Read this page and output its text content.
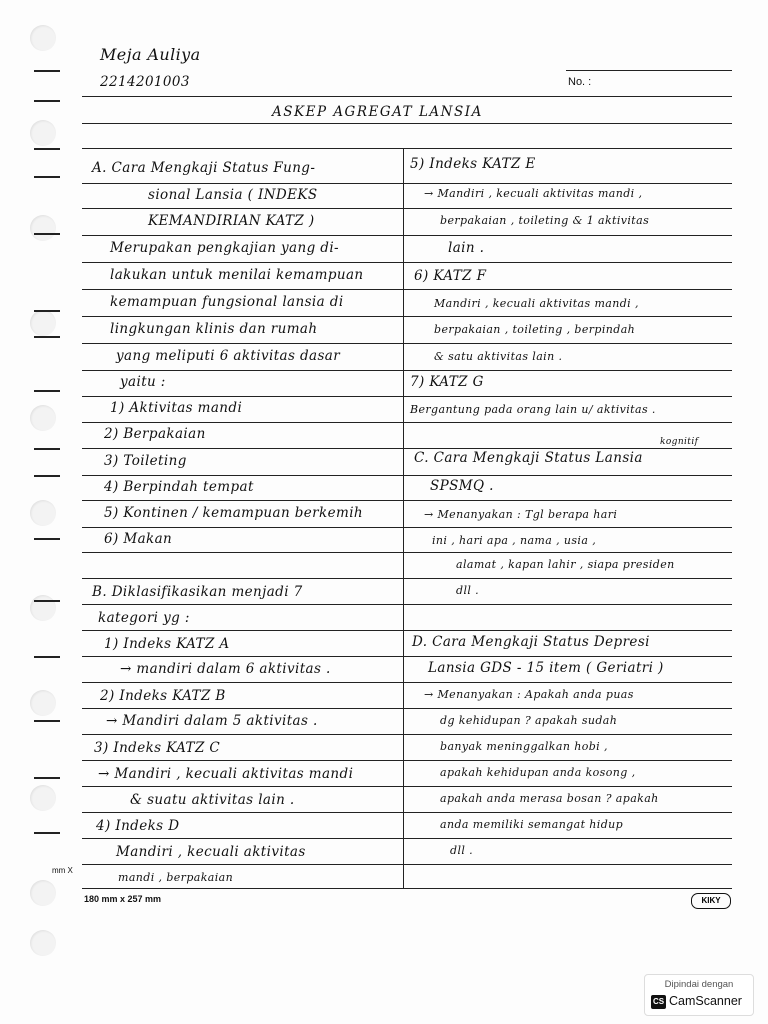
Meja Auliya
2214201003	No. :
ASKEP AGREGAT LANSIA
A. Cara Mengkaji Status Fung-
sional Lansia ( INDEKS
KEMANDIRIAN KATZ )
Merupakan pengkajian yang di-
lakukan untuk menilai kemampuan
kemampuan fungsional lansia di
lingkungan klinis dan rumah
yang meliputi 6 aktivitas dasar
yaitu :
1) Aktivitas mandi
2) Berpakaian
3) Toileting
4) Berpindah tempat
5) Kontinen / kemampuan berkemih
6) Makan
B. Diklasifikasikan menjadi 7
kategori yg :
1) Indeks KATZ A
→ mandiri dalam 6 aktivitas .
2) Indeks KATZ B
→ Mandiri dalam 5 aktivitas .
3) Indeks KATZ C
→ Mandiri , kecuali aktivitas mandi
& suatu aktivitas lain .
4) Indeks D
Mandiri , kecuali aktivitas
mandi , berpakaian
5) Indeks KATZ E
→ Mandiri , kecuali aktivitas mandi ,
berpakaian , toileting & 1 aktivitas
lain .
6) KATZ F
Mandiri , kecuali aktivitas mandi ,
berpakaian , toileting , berpindah
& satu aktivitas lain .
7) KATZ G
Bergantung pada orang lain u/ aktivitas .
kognitif
C. Cara Mengkaji Status Lansia
SPSMQ .
→ Menanyakan : Tgl berapa hari
ini , hari apa , nama , usia ,
alamat , kapan lahir , siapa presiden
dll .
D. Cara Mengkaji Status Depresi
Lansia GDS - 15 item ( Geriatri )
→ Menanyakan : Apakah anda puas
dg kehidupan ? apakah sudah
banyak meninggalkan hobi ,
apakah kehidupan anda kosong ,
apakah anda merasa bosan ? apakah
anda memiliki semangat hidup
dll .
mm X
180 mm x 257 mm	KIKY
Dipindai dengan
CS CamScanner
